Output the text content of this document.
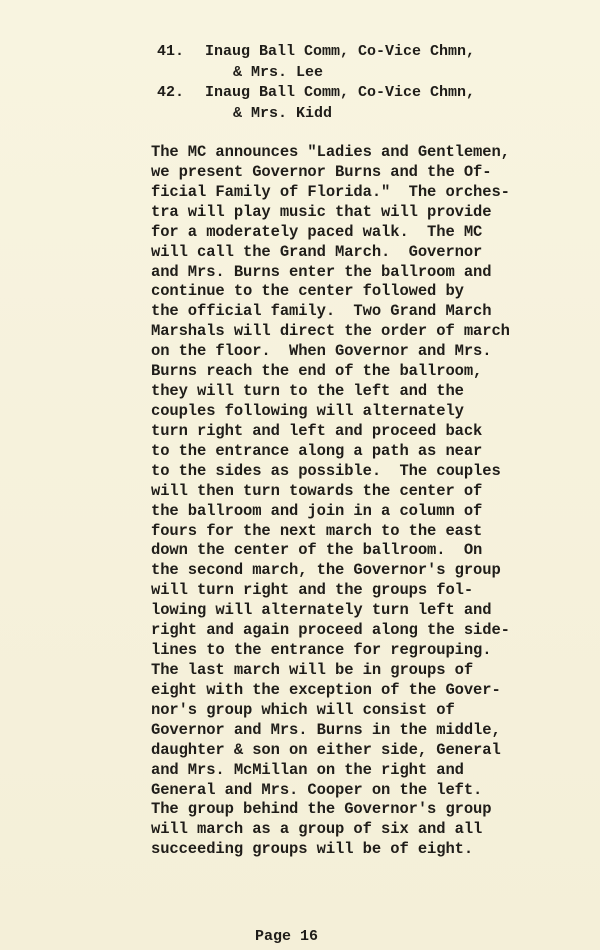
41. Inaug Ball Comm, Co-Vice Chmn,
& Mrs. Lee
42. Inaug Ball Comm, Co-Vice Chmn,
& Mrs. Kidd
The MC announces "Ladies and Gentlemen,
we present Governor Burns and the Of-
ficial Family of Florida."  The orches-
tra will play music that will provide
for a moderately paced walk.  The MC
will call the Grand March.  Governor
and Mrs. Burns enter the ballroom and
continue to the center followed by
the official family.  Two Grand March
Marshals will direct the order of march
on the floor.  When Governor and Mrs.
Burns reach the end of the ballroom,
they will turn to the left and the
couples following will alternately
turn right and left and proceed back
to the entrance along a path as near
to the sides as possible.  The couples
will then turn towards the center of
the ballroom and join in a column of
fours for the next march to the east
down the center of the ballroom.  On
the second march, the Governor's group
will turn right and the groups fol-
lowing will alternately turn left and
right and again proceed along the side-
lines to the entrance for regrouping.
The last march will be in groups of
eight with the exception of the Gover-
nor's group which will consist of
Governor and Mrs. Burns in the middle,
daughter & son on either side, General
and Mrs. McMillan on the right and
General and Mrs. Cooper on the left.
The group behind the Governor's group
will march as a group of six and all
succeeding groups will be of eight.
Page 16
